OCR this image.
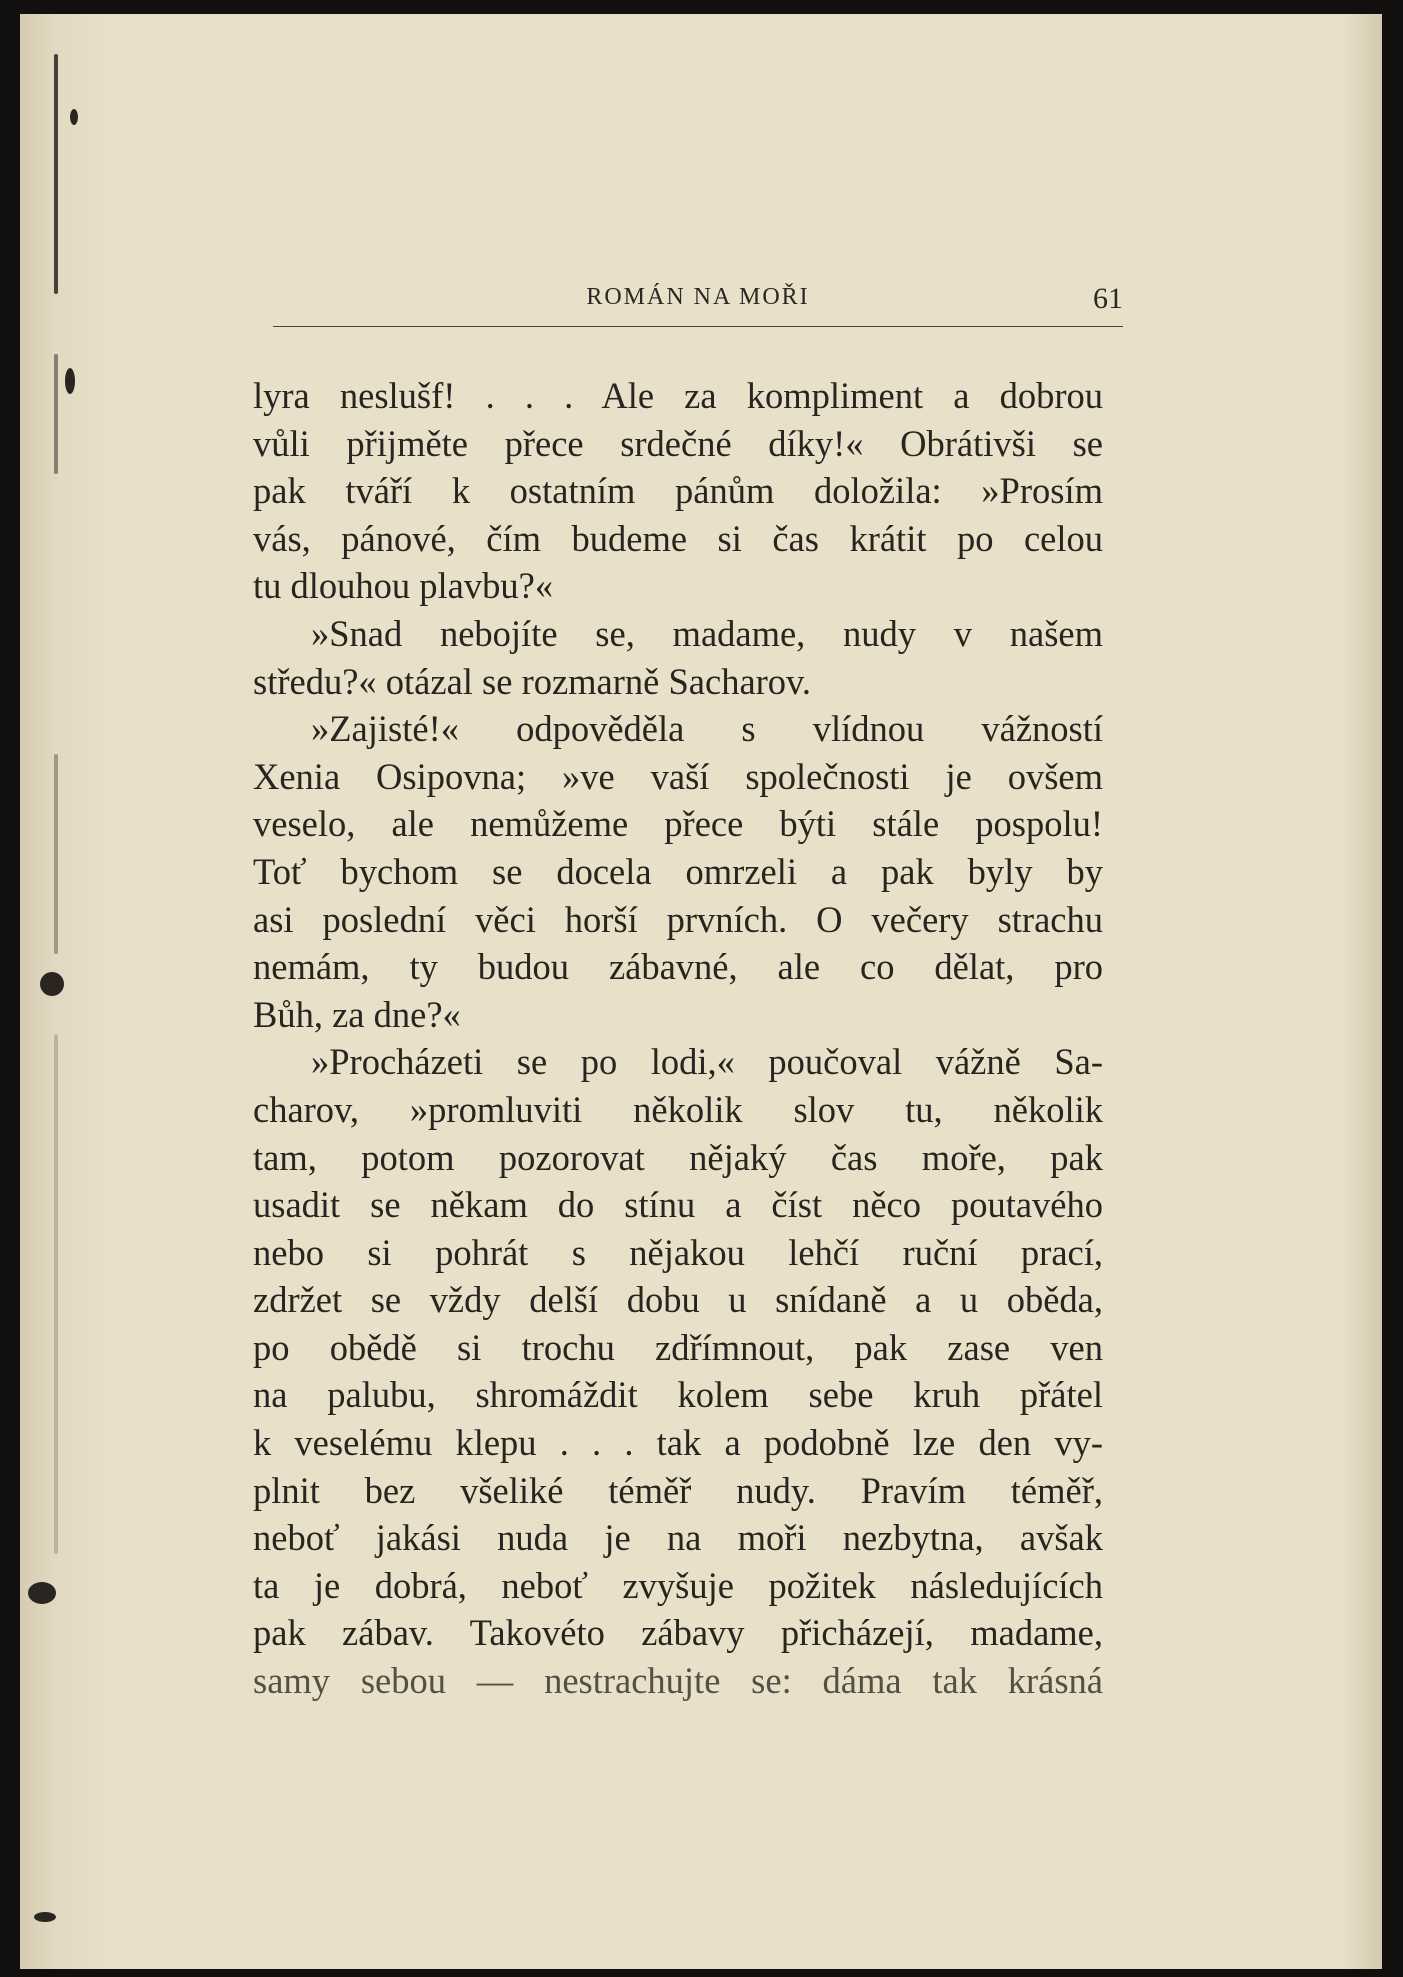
ROMÁN NA MOŘI	61
lyra neslušf! . . . Ale za kompliment a dobrou
vůli přijměte přece srdečné díky!« Obrátivši se
pak tváří k ostatním pánům doložila: »Prosím
vás, pánové, čím budeme si čas krátit po celou
tu dlouhou plavbu?«
»Snad nebojíte se, madame, nudy v našem
středu?« otázal se rozmarně Sacharov.
»Zajisté!« odpověděla s vlídnou vážností
Xenia Osipovna; »ve vaší společnosti je ovšem
veselo, ale nemůžeme přece býti stále pospolu!
Toť bychom se docela omrzeli a pak byly by
asi poslední věci horší prvních. O večery strachu
nemám, ty budou zábavné, ale co dělat, pro
Bůh, za dne?«
»Procházeti se po lodi,« poučoval vážně Sa-
charov, »promluviti několik slov tu, několik
tam, potom pozorovat nějaký čas moře, pak
usadit se někam do stínu a číst něco poutavého
nebo si pohrát s nějakou lehčí ruční prací,
zdržet se vždy delší dobu u snídaně a u oběda,
po obědě si trochu zdřímnout, pak zase ven
na palubu, shromáždit kolem sebe kruh přátel
k veselému klepu . . . tak a podobně lze den vy-
plnit bez všeliké téměř nudy. Pravím téměř,
neboť jakási nuda je na moři nezbytna, avšak
ta je dobrá, neboť zvyšuje požitek následujících
pak zábav. Takovéto zábavy přicházejí, madame,
samy sebou — nestrachujte se: dáma tak krásná
